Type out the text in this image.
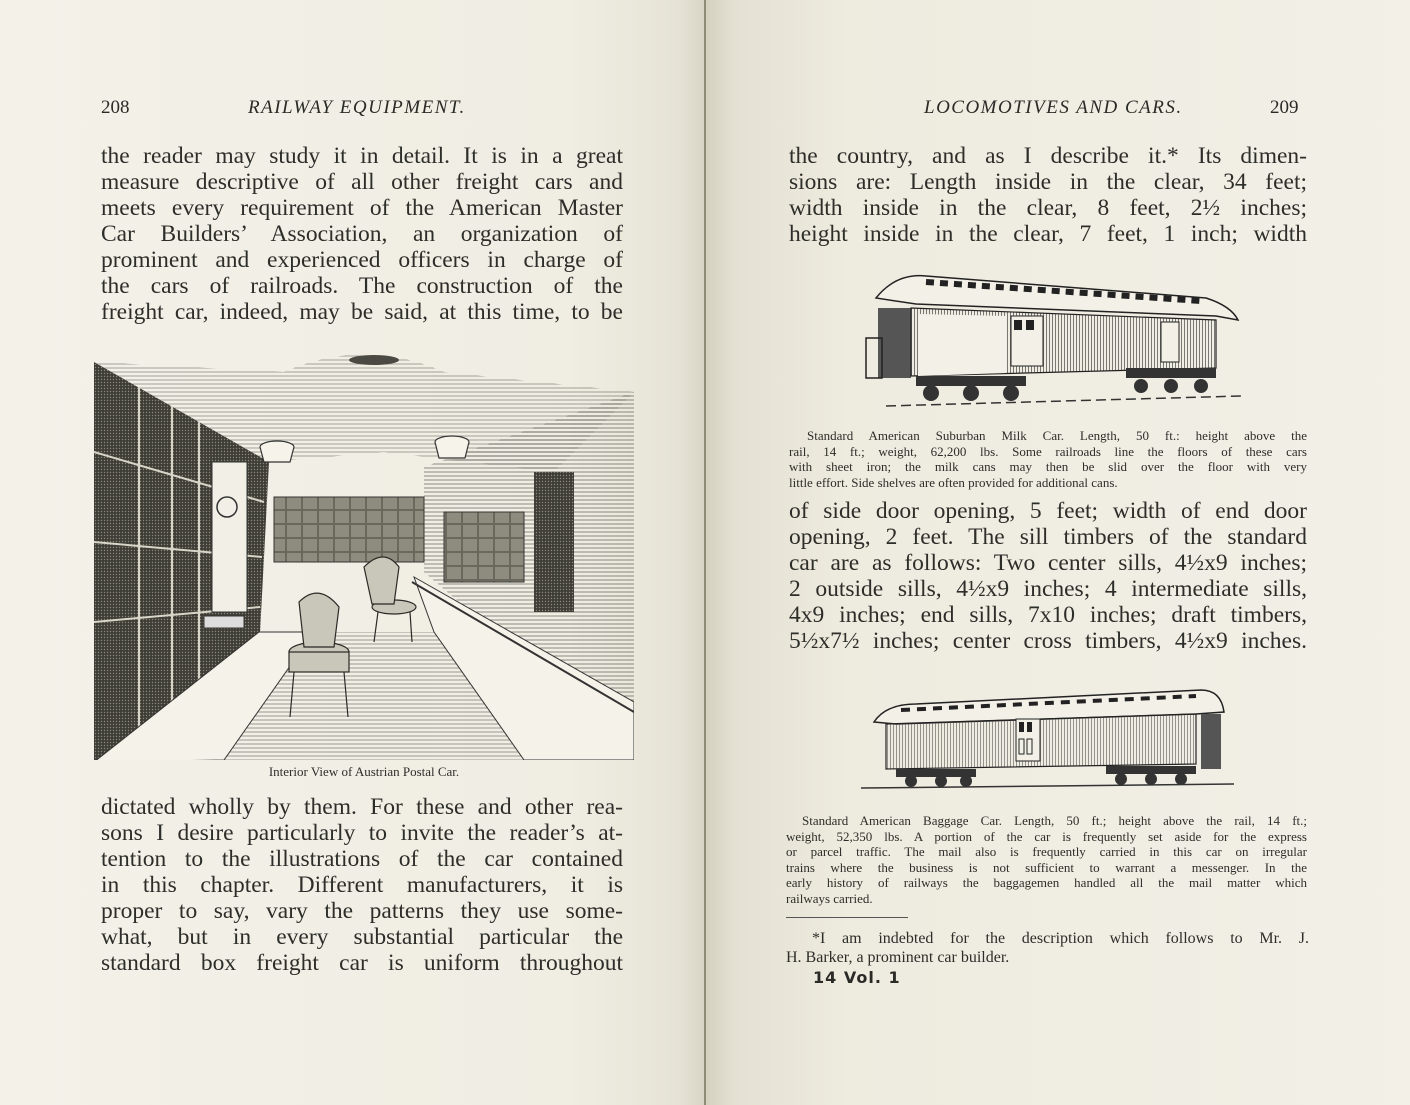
208	RAILWAY EQUIPMENT.
the reader may study it in detail. It is in a great
measure descriptive of all other freight cars and
meets every requirement of the American Master
Car Builders’ Association, an organization of
prominent and experienced officers in charge of
the cars of railroads. The construction of the
freight car, indeed, may be said, at this time, to be
Interior View of Austrian Postal Car.
dictated wholly by them. For these and other rea-
sons I desire particularly to invite the reader’s at-
tention to the illustrations of the car contained
in this chapter. Different manufacturers, it is
proper to say, vary the patterns they use some-
what, but in every substantial particular the
standard box freight car is uniform throughout
LOCOMOTIVES AND CARS.	209
the country, and as I describe it.* Its dimen-
sions are: Length inside in the clear, 34 feet;
width inside in the clear, 8 feet, 2½ inches;
height inside in the clear, 7 feet, 1 inch; width
Standard American Suburban Milk Car. Length, 50 ft.: height above the
rail, 14 ft.; weight, 62,200 lbs. Some railroads line the floors of these cars
with sheet iron; the milk cans may then be slid over the floor with very
little effort. Side shelves are often provided for additional cans.
of side door opening, 5 feet; width of end door
opening, 2 feet. The sill timbers of the standard
car are as follows: Two center sills, 4½x9 inches;
2 outside sills, 4½x9 inches; 4 intermediate sills,
4x9 inches; end sills, 7x10 inches; draft timbers,
5½x7½ inches; center cross timbers, 4½x9 inches.
Standard American Baggage Car. Length, 50 ft.; height above the rail, 14 ft.;
weight, 52,350 lbs. A portion of the car is frequently set aside for the express
or parcel traffic. The mail also is frequently carried in this car on irregular
trains where the business is not sufficient to warrant a messenger. In the
early history of railways the baggagemen handled all the mail matter which
railways carried.
*I am indebted for the description which follows to Mr. J.
H. Barker, a prominent car builder.
14 Vol. 1
